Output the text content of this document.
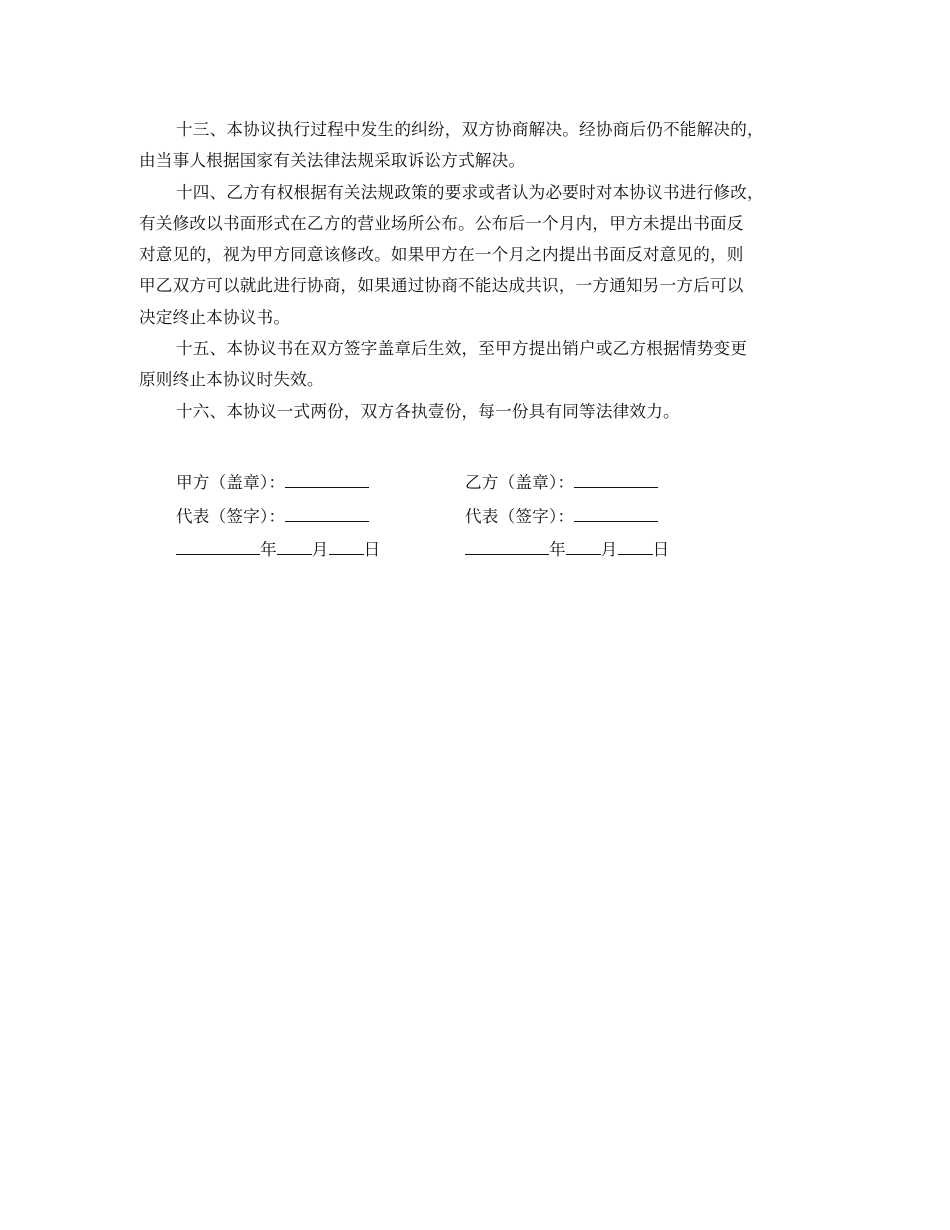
十三、本协议执行过程中发生的纠纷，双方协商解决。经协商后仍不能解决的，
由当事人根据国家有关法律法规采取诉讼方式解决。

十四、乙方有权根据有关法规政策的要求或者认为必要时对本协议书进行修改，
有关修改以书面形式在乙方的营业场所公布。公布后一个月内，甲方未提出书面反
对意见的，视为甲方同意该修改。如果甲方在一个月之内提出书面反对意见的，则
甲乙双方可以就此进行协商，如果通过协商不能达成共识，一方通知另一方后可以
决定终止本协议书。

十五、本协议书在双方签字盖章后生效，至甲方提出销户或乙方根据情势变更
原则终止本协议时失效。

十六、本协议一式两份，双方各执壹份，每一份具有同等法律效力。

甲方（盖章）：
代表（签字）：
年 月 日
乙方（盖章）：
代表（签字）：
年 月 日
